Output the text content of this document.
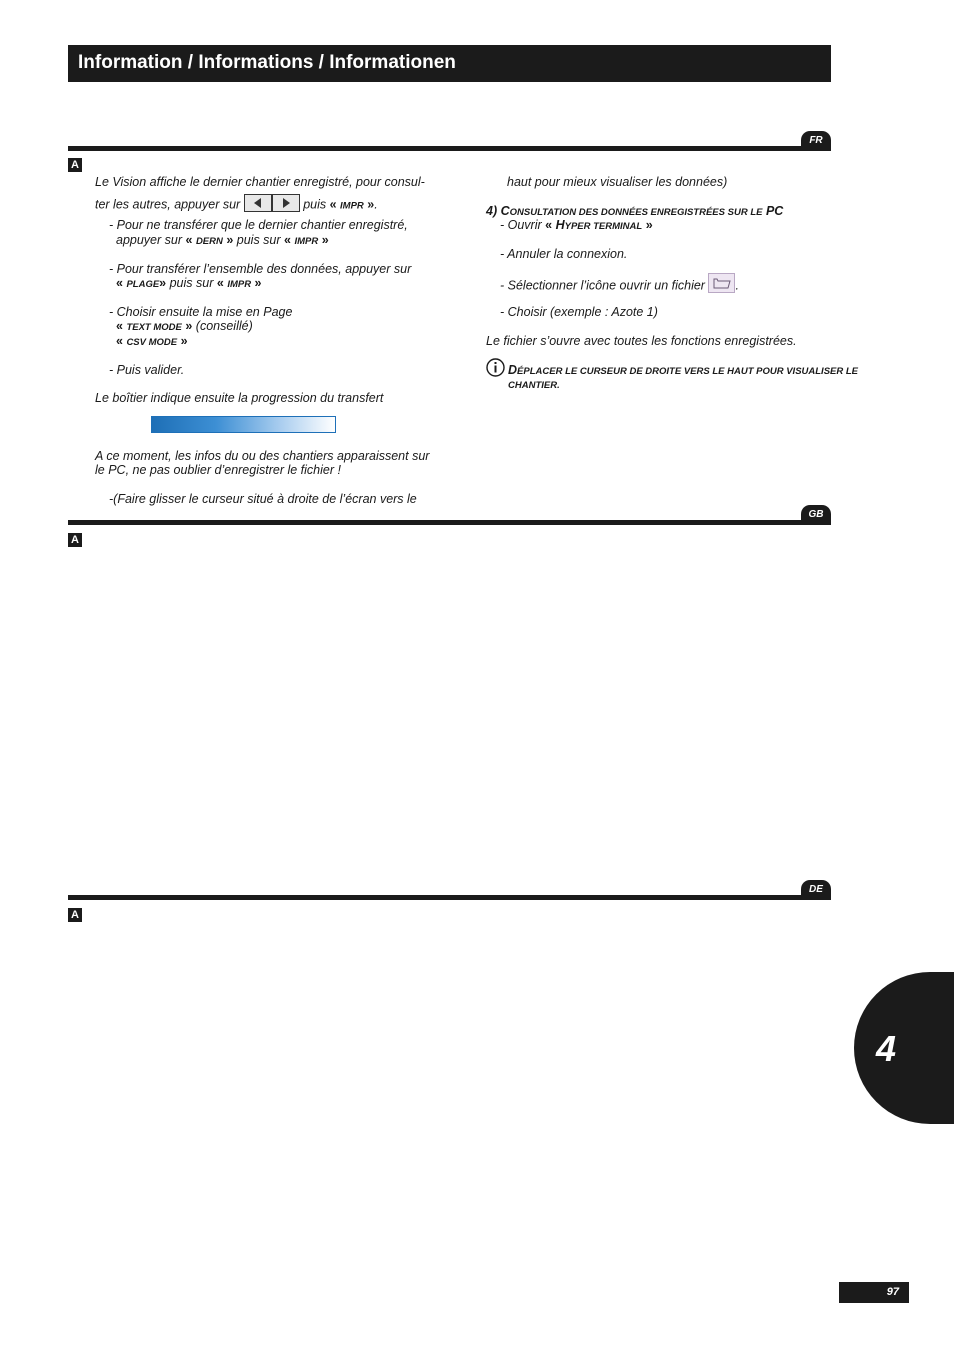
Information / Informations / Informationen
FR
A
Le Vision affiche le dernier chantier enregistré, pour consul-
ter les autres, appuyer sur	puis « IMPR ».
- Pour ne transférer que le dernier chantier enregistré,
appuyer sur « DERN » puis sur « IMPR »
- Pour transférer l’ensemble des données, appuyer sur
« PLAGE» puis sur « IMPR »
- Choisir ensuite la mise en Page
« TEXT MODE » (conseillé)
« CSV MODE »
- Puis valider.
Le boîtier indique ensuite la progression du transfert
A ce moment, les infos du ou des chantiers apparaissent sur
le PC, ne pas oublier d’enregistrer le fichier !
-(Faire glisser le curseur situé à droite de l’écran vers le
haut pour mieux visualiser les données)
4) CONSULTATION DES DONNÉES ENREGISTRÉES SUR LE PC
- Ouvrir « HYPER TERMINAL »
- Annuler la connexion.
- Sélectionner l’icône ouvrir un fichier .
- Choisir (exemple : Azote 1)
Le fichier s’ouvre avec toutes les fonctions enregistrées.
DÉPLACER LE CURSEUR DE DROITE VERS LE HAUT POUR VISUALISER LE
CHANTIER.
GB
A
DE
A
4
97
